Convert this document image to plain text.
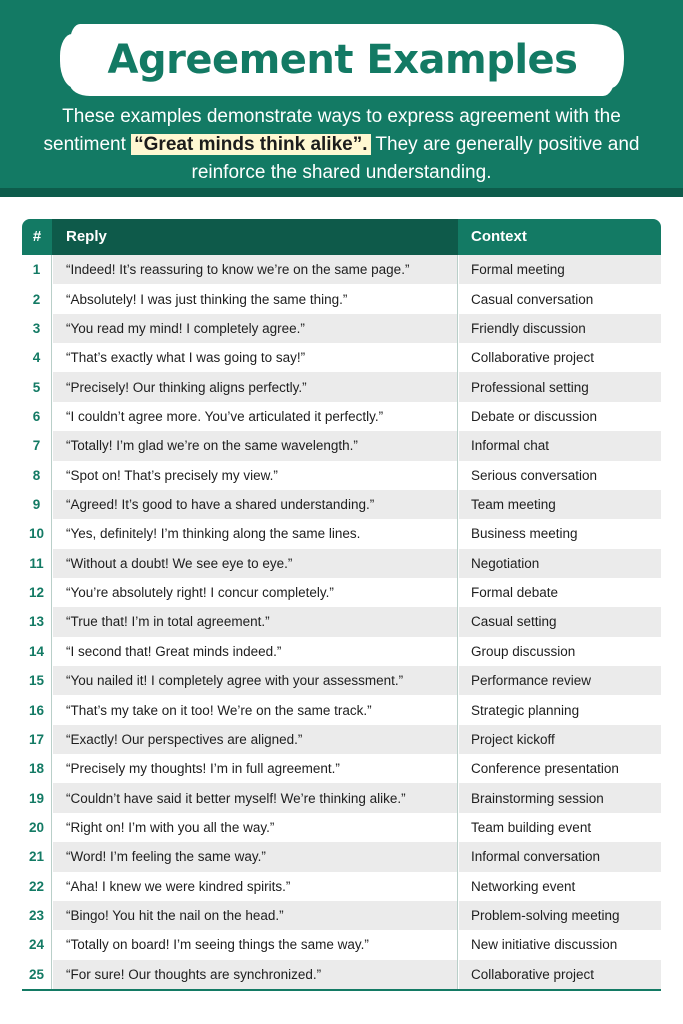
Agreement Examples

These examples demonstrate ways to express agreement with the sentiment “Great minds think alike”. They are generally positive and reinforce the shared understanding.

#	Reply	Context
1	“Indeed! It’s reassuring to know we’re on the same page.”	Formal meeting
2	“Absolutely! I was just thinking the same thing.”	Casual conversation
3	“You read my mind! I completely agree.”	Friendly discussion
4	“That’s exactly what I was going to say!”	Collaborative project
5	“Precisely! Our thinking aligns perfectly.”	Professional setting
6	“I couldn’t agree more. You’ve articulated it perfectly.”	Debate or discussion
7	“Totally! I’m glad we’re on the same wavelength.”	Informal chat
8	“Spot on! That’s precisely my view.”	Serious conversation
9	“Agreed! It’s good to have a shared understanding.”	Team meeting
10	“Yes, definitely! I’m thinking along the same lines.	Business meeting
11	“Without a doubt! We see eye to eye.”	Negotiation
12	“You’re absolutely right! I concur completely.”	Formal debate
13	“True that! I’m in total agreement.”	Casual setting
14	“I second that! Great minds indeed.”	Group discussion
15	“You nailed it! I completely agree with your assessment.”	Performance review
16	“That’s my take on it too! We’re on the same track.”	Strategic planning
17	“Exactly! Our perspectives are aligned.”	Project kickoff
18	“Precisely my thoughts! I’m in full agreement.”	Conference presentation
19	“Couldn’t have said it better myself! We’re thinking alike.”	Brainstorming session
20	“Right on! I’m with you all the way.”	Team building event
21	“Word! I’m feeling the same way.”	Informal conversation
22	“Aha! I knew we were kindred spirits.”	Networking event
23	“Bingo! You hit the nail on the head.”	Problem-solving meeting
24	“Totally on board! I’m seeing things the same way.”	New initiative discussion
25	“For sure! Our thoughts are synchronized.”	Collaborative project
